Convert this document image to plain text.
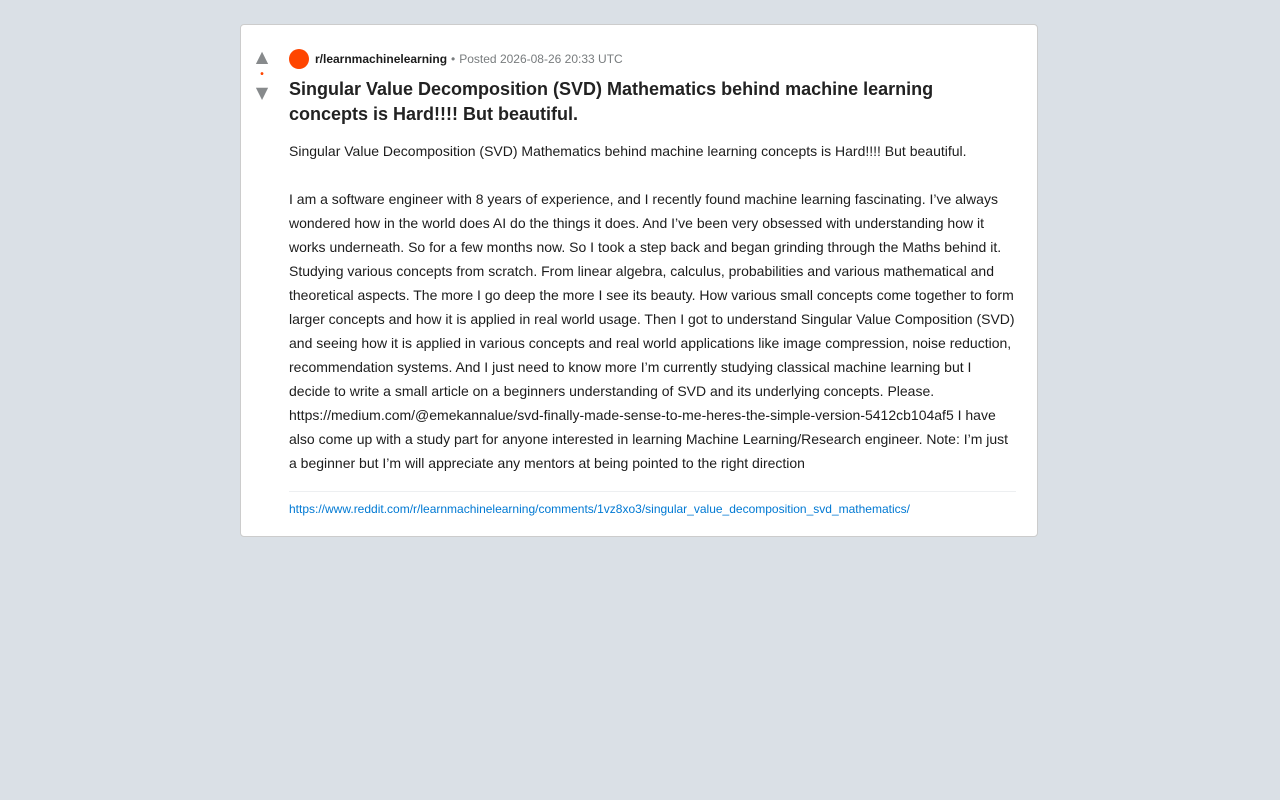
▲
•
▼
r/learnmachinelearning • Posted 2026-08-26 20:33 UTC
Singular Value Decomposition (SVD) Mathematics behind machine learning concepts is Hard!!!! But beautiful.
Singular Value Decomposition (SVD) Mathematics behind machine learning concepts is Hard!!!! But beautiful.

I am a software engineer with 8 years of experience, and I recently found machine learning fascinating. I’ve always wondered how in the world does AI do the things it does. And I’ve been very obsessed with understanding how it works underneath. So for a few months now. So I took a step back and began grinding through the Maths behind it. Studying various concepts from scratch. From linear algebra, calculus, probabilities and various mathematical and theoretical aspects. The more I go deep the more I see its beauty. How various small concepts come together to form larger concepts and how it is applied in real world usage. Then I got to understand Singular Value Composition (SVD) and seeing how it is applied in various concepts and real world applications like image compression, noise reduction, recommendation systems. And I just need to know more I’m currently studying classical machine learning but I decide to write a small article on a beginners understanding of SVD and its underlying concepts. Please. https://medium.com/@emekannalue/svd-finally-made-sense-to-me-heres-the-simple-version-5412cb104af5 I have also come up with a study part for anyone interested in learning Machine Learning/Research engineer. Note: I’m just a beginner but I’m will appreciate any mentors at being pointed to the right direction
https://www.reddit.com/r/learnmachinelearning/comments/1vz8xo3/singular_value_decomposition_svd_mathematics/
